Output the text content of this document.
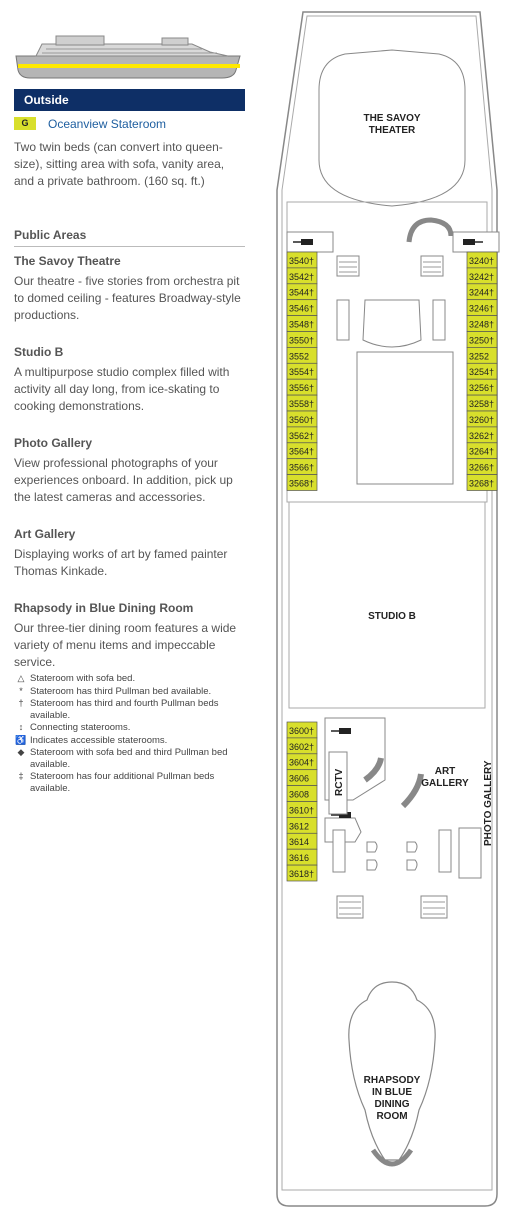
Outside
G	Oceanview Stateroom
Two twin beds (can convert into queen-size), sitting area with sofa, vanity area, and a private bathroom. (160 sq. ft.)
Public Areas
The Savoy Theatre
Our theatre - five stories from orchestra pit to domed ceiling - features Broadway-style productions.
Studio B
A multipurpose studio complex filled with activity all day long, from ice-skating to cooking demonstrations.
Photo Gallery
View professional photographs of your experiences onboard. In addition, pick up the latest cameras and accessories.
Art Gallery
Displaying works of art by famed painter Thomas Kinkade.
Rhapsody in Blue Dining Room
Our three-tier dining room features a wide variety of menu items and impeccable service.
△ Stateroom with sofa bed.
* Stateroom has third Pullman bed available.
† Stateroom has third and fourth Pullman beds available.
↕ Connecting staterooms.
♿ Indicates accessible staterooms.
◆ Stateroom with sofa bed and third Pullman bed available.
‡ Stateroom has four additional Pullman beds available.
THE SAVOY
THEATER
STUDIO B
RCTV	ART
GALLERY PHOTO GALLERY
RHAPSODY
IN BLUE
DINING
ROOM
3540†
3542†
3544†
3546†
3548†
3550†
3552
3554†
3556†
3558†
3560†
3562†
3564†
3566†
3568†
3240†
3242†
3244†
3246†
3248†
3250†
3252
3254†
3256†
3258†
3260†
3262†
3264†
3266†
3268†
3600†
3602†
3604†
3606
3608
3610†
3612
3614
3616
3618†
